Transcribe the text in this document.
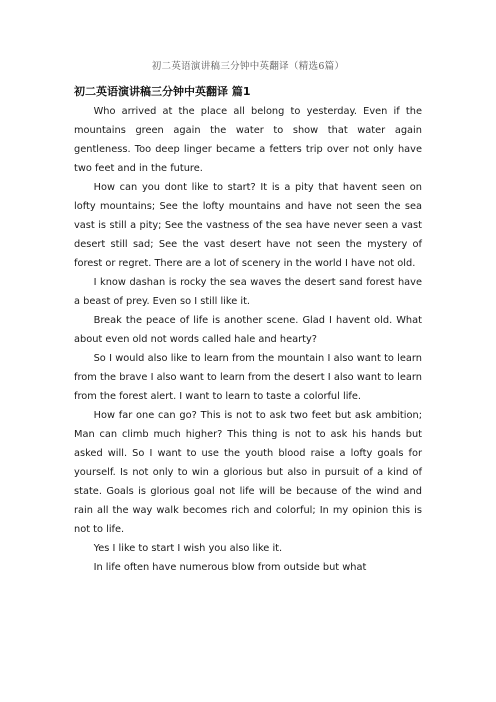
初二英语演讲稿三分钟中英翻译（精选6篇）
初二英语演讲稿三分钟中英翻译 篇1

Who arrived at the place all belong to yesterday. Even if the mountains green again the water to show that water again gentleness. Too deep linger became a fetters trip over not only have two feet and in the future.

How can you dont like to start? It is a pity that havent seen on lofty mountains; See the lofty mountains and have not seen the sea vast is still a pity; See the vastness of the sea have never seen a vast desert still sad; See the vast desert have not seen the mystery of forest or regret. There are a lot of scenery in the world I have not old.

I know dashan is rocky the sea waves the desert sand forest have a beast of prey. Even so I still like it.

Break the peace of life is another scene. Glad I havent old. What about even old not words called hale and hearty?

So I would also like to learn from the mountain I also want to learn from the brave I also want to learn from the desert I also want to learn from the forest alert. I want to learn to taste a colorful life.

How far one can go? This is not to ask two feet but ask ambition; Man can climb much higher? This thing is not to ask his hands but asked will. So I want to use the youth blood raise a lofty goals for yourself. Is not only to win a glorious but also in pursuit of a kind of state. Goals is glorious goal not life will be because of the wind and rain all the way walk becomes rich and colorful; In my opinion this is not to life.

Yes I like to start I wish you also like it.

In life often have numerous blow from outside but what
